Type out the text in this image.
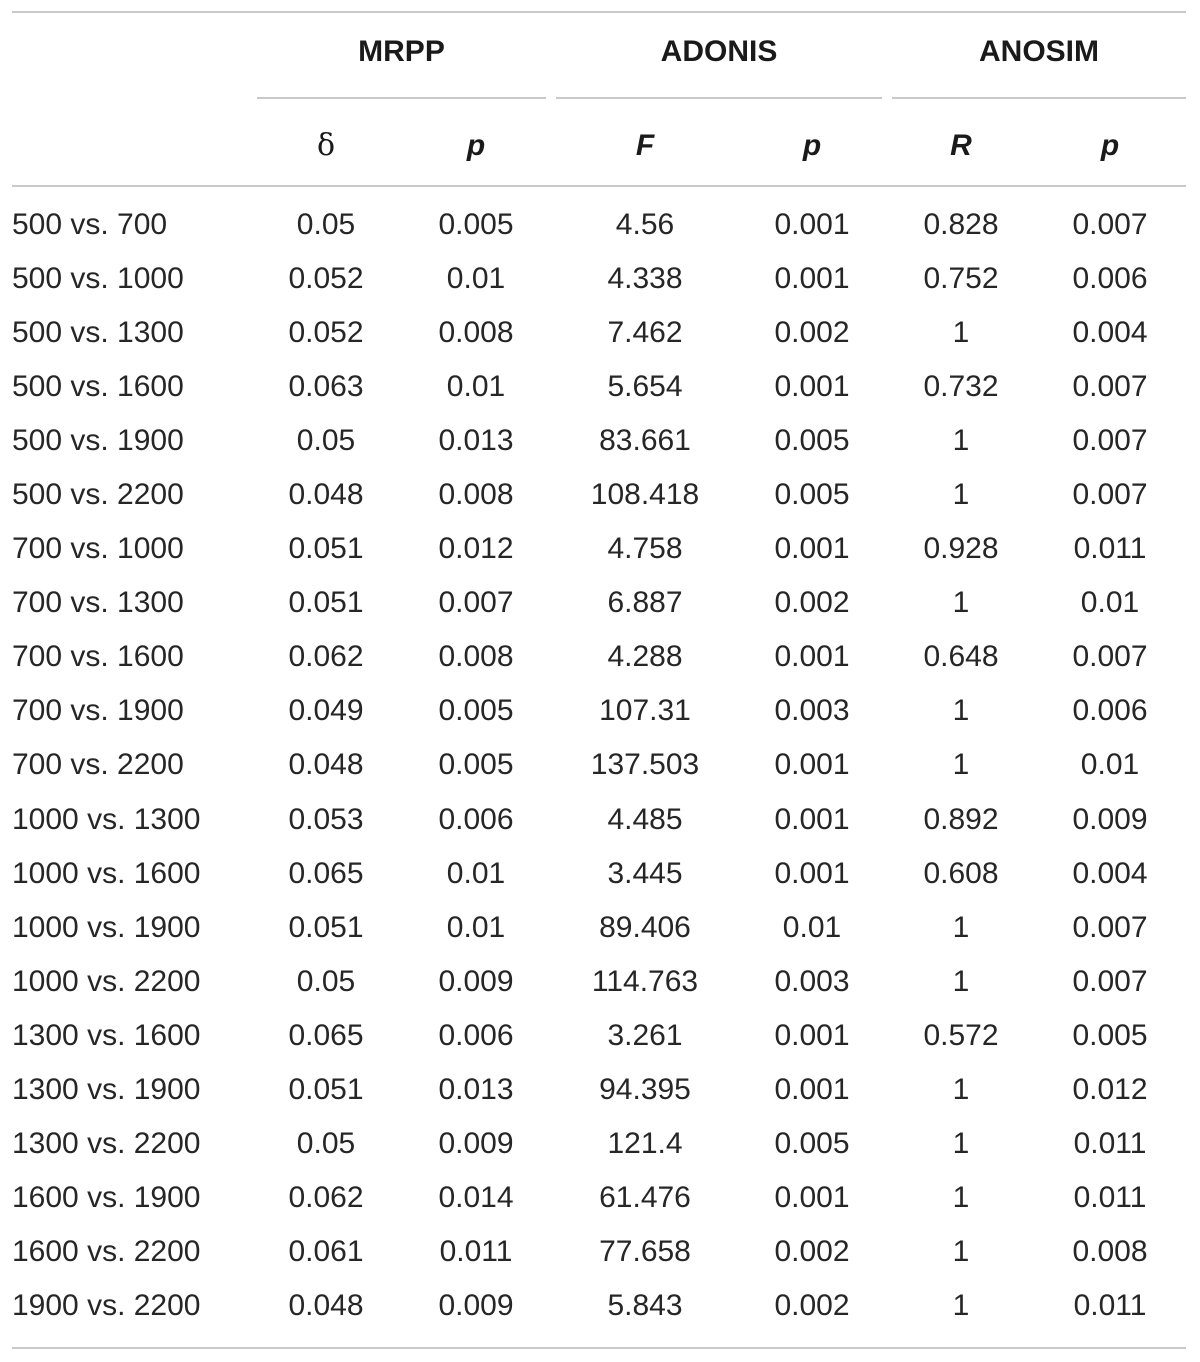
MRPP	ADONIS	ANOSIM
δ	p	F	p	R	p
500 vs. 700	0.05	0.005	4.56	0.001	0.828	0.007
500 vs. 1000	0.052	0.01	4.338	0.001	0.752	0.006
500 vs. 1300	0.052	0.008	7.462	0.002	1	0.004
500 vs. 1600	0.063	0.01	5.654	0.001	0.732	0.007
500 vs. 1900	0.05	0.013	83.661	0.005	1	0.007
500 vs. 2200	0.048	0.008	108.418	0.005	1	0.007
700 vs. 1000	0.051	0.012	4.758	0.001	0.928	0.011
700 vs. 1300	0.051	0.007	6.887	0.002	1	0.01
700 vs. 1600	0.062	0.008	4.288	0.001	0.648	0.007
700 vs. 1900	0.049	0.005	107.31	0.003	1	0.006
700 vs. 2200	0.048	0.005	137.503	0.001	1	0.01
1000 vs. 1300	0.053	0.006	4.485	0.001	0.892	0.009
1000 vs. 1600	0.065	0.01	3.445	0.001	0.608	0.004
1000 vs. 1900	0.051	0.01	89.406	0.01	1	0.007
1000 vs. 2200	0.05	0.009	114.763	0.003	1	0.007
1300 vs. 1600	0.065	0.006	3.261	0.001	0.572	0.005
1300 vs. 1900	0.051	0.013	94.395	0.001	1	0.012
1300 vs. 2200	0.05	0.009	121.4	0.005	1	0.011
1600 vs. 1900	0.062	0.014	61.476	0.001	1	0.011
1600 vs. 2200	0.061	0.011	77.658	0.002	1	0.008
1900 vs. 2200	0.048	0.009	5.843	0.002	1	0.011
